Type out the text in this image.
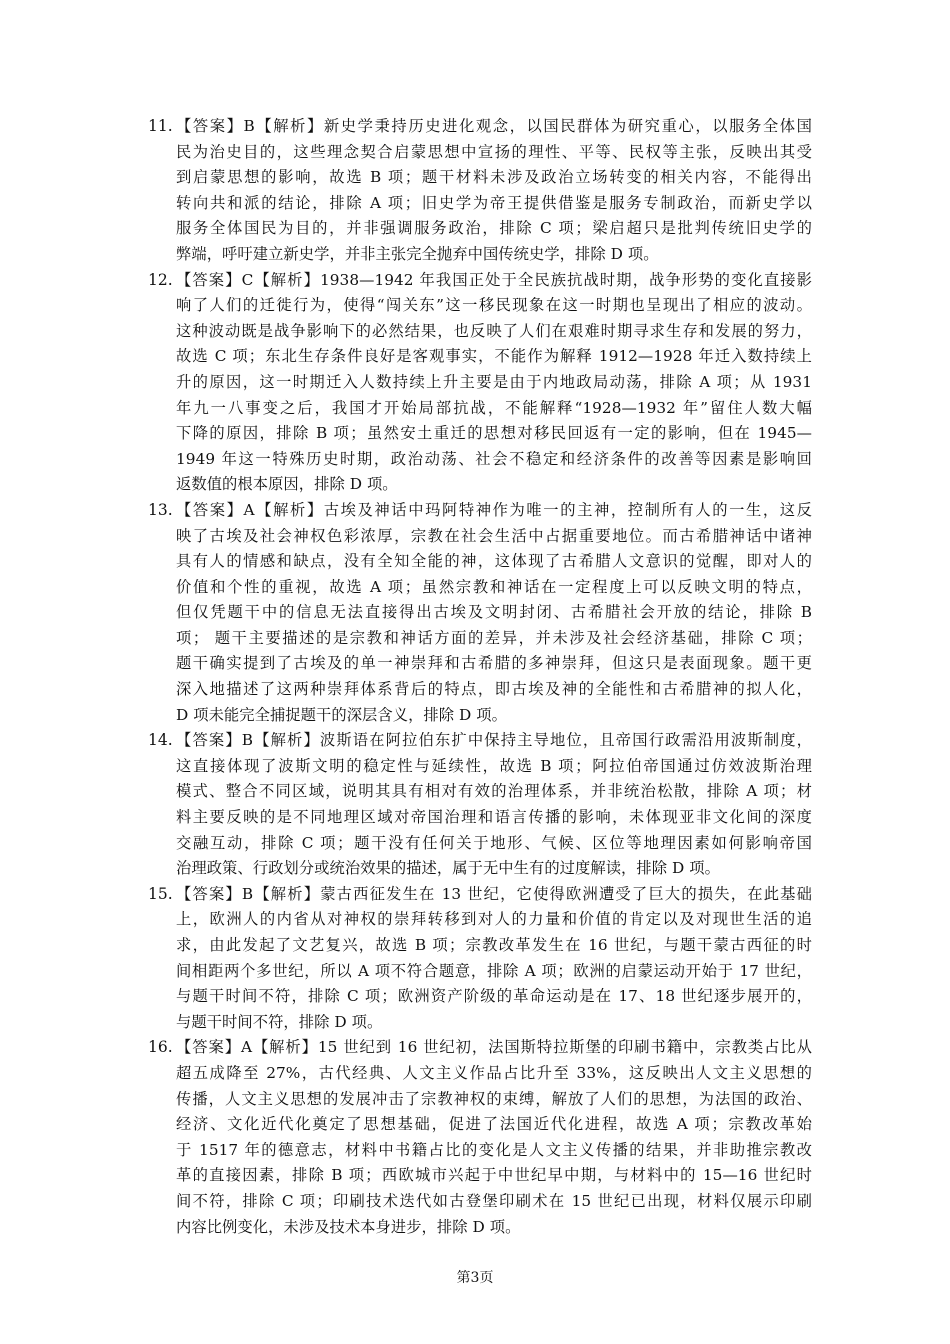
11. 【答案】B【解析】新史学秉持历史进化观念，以国民群体为研究重心，以服务全体国
民为治史目的，这些理念契合启蒙思想中宣扬的理性、平等、民权等主张，反映出其受
到启蒙思想的影响，故选 B 项；题干材料未涉及政治立场转变的相关内容，不能得出
转向共和派的结论，排除 A 项；旧史学为帝王提供借鉴是服务专制政治，而新史学以
服务全体国民为目的，并非强调服务政治，排除 C 项；梁启超只是批判传统旧史学的
弊端，呼吁建立新史学，并非主张完全抛弃中国传统史学，排除 D 项。
12. 【答案】C【解析】1938—1942 年我国正处于全民族抗战时期，战争形势的变化直接影
响了人们的迁徙行为，使得“闯关东”这一移民现象在这一时期也呈现出了相应的波动。
这种波动既是战争影响下的必然结果，也反映了人们在艰难时期寻求生存和发展的努力，
故选 C 项；东北生存条件良好是客观事实，不能作为解释 1912—1928 年迁入数持续上
升的原因，这一时期迁入人数持续上升主要是由于内地政局动荡，排除 A 项；从 1931
年九一八事变之后，我国才开始局部抗战，不能解释“1928—1932 年”留住人数大幅
下降的原因，排除 B 项；虽然安土重迁的思想对移民回返有一定的影响，但在 1945—
1949 年这一特殊历史时期，政治动荡、社会不稳定和经济条件的改善等因素是影响回
返数值的根本原因，排除 D 项。
13. 【答案】A【解析】古埃及神话中玛阿特神作为唯一的主神，控制所有人的一生，这反
映了古埃及社会神权色彩浓厚，宗教在社会生活中占据重要地位。而古希腊神话中诸神
具有人的情感和缺点，没有全知全能的神，这体现了古希腊人文意识的觉醒，即对人的
价值和个性的重视，故选 A 项；虽然宗教和神话在一定程度上可以反映文明的特点，
但仅凭题干中的信息无法直接得出古埃及文明封闭、古希腊社会开放的结论，排除 B
项； 题干主要描述的是宗教和神话方面的差异，并未涉及社会经济基础，排除 C 项；
题干确实提到了古埃及的单一神崇拜和古希腊的多神崇拜，但这只是表面现象。题干更
深入地描述了这两种崇拜体系背后的特点，即古埃及神的全能性和古希腊神的拟人化，
D 项未能完全捕捉题干的深层含义，排除 D 项。
14. 【答案】B【解析】波斯语在阿拉伯东扩中保持主导地位，且帝国行政需沿用波斯制度，
这直接体现了波斯文明的稳定性与延续性，故选 B 项；阿拉伯帝国通过仿效波斯治理
模式、整合不同区域，说明其具有相对有效的治理体系，并非统治松散，排除 A 项；材
料主要反映的是不同地理区域对帝国治理和语言传播的影响，未体现亚非文化间的深度
交融互动，排除 C 项；题干没有任何关于地形、气候、区位等地理因素如何影响帝国
治理政策、行政划分或统治效果的描述，属于无中生有的过度解读，排除 D 项。
15. 【答案】B【解析】蒙古西征发生在 13 世纪，它使得欧洲遭受了巨大的损失，在此基础
上，欧洲人的内省从对神权的崇拜转移到对人的力量和价值的肯定以及对现世生活的追
求，由此发起了文艺复兴，故选 B 项；宗教改革发生在 16 世纪，与题干蒙古西征的时
间相距两个多世纪，所以 A 项不符合题意，排除 A 项；欧洲的启蒙运动开始于 17 世纪，
与题干时间不符，排除 C 项；欧洲资产阶级的革命运动是在 17、18 世纪逐步展开的，
与题干时间不符，排除 D 项。
16. 【答案】A【解析】15 世纪到 16 世纪初，法国斯特拉斯堡的印刷书籍中，宗教类占比从
超五成降至 27%，古代经典、人文主义作品占比升至 33%，这反映出人文主义思想的
传播，人文主义思想的发展冲击了宗教神权的束缚，解放了人们的思想，为法国的政治、
经济、文化近代化奠定了思想基础，促进了法国近代化进程，故选 A 项；宗教改革始
于 1517 年的德意志，材料中书籍占比的变化是人文主义传播的结果，并非助推宗教改
革的直接因素，排除 B 项；西欧城市兴起于中世纪早中期，与材料中的 15—16 世纪时
间不符，排除 C 项；印刷技术迭代如古登堡印刷术在 15 世纪已出现，材料仅展示印刷
内容比例变化，未涉及技术本身进步，排除 D 项。
第3页
